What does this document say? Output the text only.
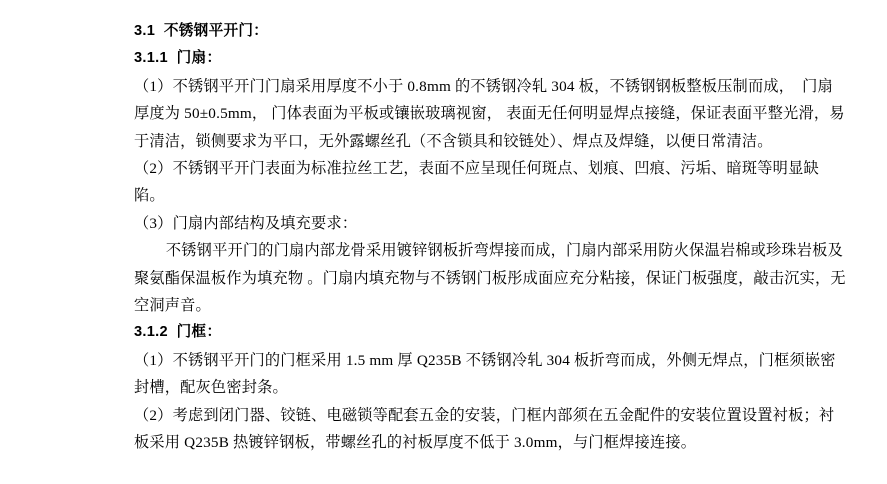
3.1  不锈钢平开门：

3.1.1  门扇：

（1）不锈钢平开门门扇采用厚度不小于 0.8mm 的不锈钢冷轧 304 板，不锈钢钢板整板压制而成，  门扇厚度为 50±0.5mm， 门体表面为平板或镶嵌玻璃视窗， 表面无任何明显焊点接缝，保证表面平整光滑，易于清洁，锁侧要求为平口，无外露螺丝孔（不含锁具和铰链处）、焊点及焊缝，以便日常清洁。

（2）不锈钢平开门表面为标准拉丝工艺，表面不应呈现任何斑点、划痕、凹痕、污垢、暗斑等明显缺陷。

（3）门扇内部结构及填充要求：

不锈钢平开门的门扇内部龙骨采用镀锌钢板折弯焊接而成，门扇内部采用防火保温岩棉或珍珠岩板及聚氨酯保温板作为填充物 。门扇内填充物与不锈钢门板彤成面应充分粘接，保证门板强度，敲击沉实，无空洞声音。

3.1.2  门框：

（1）不锈钢平开门的门框采用 1.5 mm 厚 Q235B 不锈钢冷轧 304 板折弯而成，外侧无焊点，门框须嵌密封槽，配灰色密封条。

（2）考虑到闭门器、铰链、电磁锁等配套五金的安装，门框内部须在五金配件的安装位置设置衬板；衬板采用 Q235B 热镀锌钢板，带螺丝孔的衬板厚度不低于 3.0mm，与门框焊接连接。
